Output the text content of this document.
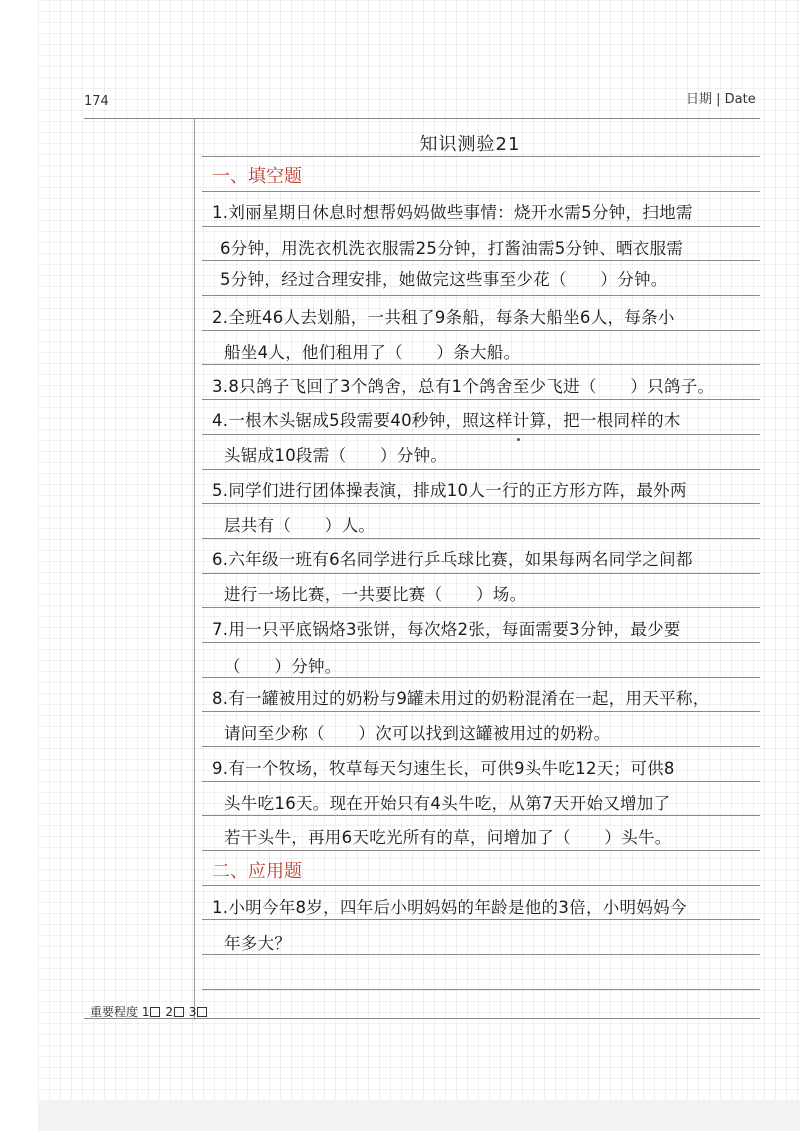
174	日期 | Date
知识测验21
一、填空题
1.刘丽星期日休息时想帮妈妈做些事情：烧开水需5分钟，扫地需
6分钟，用洗衣机洗衣服需25分钟，打酱油需5分钟、晒衣服需
5分钟，经过合理安排，她做完这些事至少花（　　）分钟。
2.全班46人去划船，一共租了9条船，每条大船坐6人，每条小
船坐4人，他们租用了（　　）条大船。
3.8只鸽子飞回了3个鸽舍，总有1个鸽舍至少飞进（　　）只鸽子。
4.一根木头锯成5段需要40秒钟，照这样计算，把一根同样的木
头锯成10段需（　　）分钟。
5.同学们进行团体操表演，排成10人一行的正方形方阵，最外两
层共有（　　）人。
6.六年级一班有6名同学进行乒乓球比赛，如果每两名同学之间都
进行一场比赛，一共要比赛（　　）场。
7.用一只平底锅烙3张饼，每次烙2张，每面需要3分钟，最少要
（　　）分钟。
8.有一罐被用过的奶粉与9罐未用过的奶粉混淆在一起，用天平称，
请问至少称（　　）次可以找到这罐被用过的奶粉。
9.有一个牧场，牧草每天匀速生长，可供9头牛吃12天；可供8
头牛吃16天。现在开始只有4头牛吃，从第7天开始又增加了
若干头牛，再用6天吃光所有的草，问增加了（　　）头牛。
二、应用题
1.小明今年8岁，四年后小明妈妈的年龄是他的3倍，小明妈妈今
年多大？
重要程度 1 2 3
